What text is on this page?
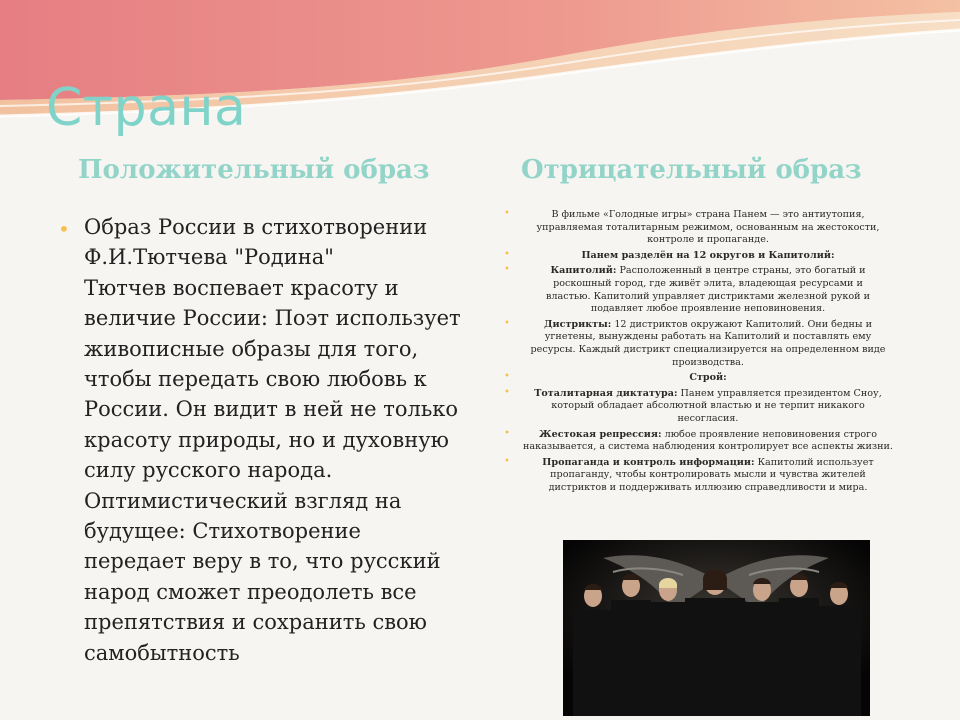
Страна
Положительный образ	Отрицательный образ
• Образ России в стихотворении
Ф.И.Тютчева "Родина"
Тютчев воспевает красоту и
величие России: Поэт использует
живописные образы для того,
чтобы передать свою любовь к
России. Он видит в ней не только
красоту природы, но и духовную
силу русского народа.
Оптимистический взгляд на
будущее: Стихотворение
передает веру в то, что русский
народ сможет преодолеть все
препятствия и сохранить свою
самобытность
•	В фильме «Голодные игры» страна Панем — это антиутопия,
управляемая тоталитарным режимом, основанным на жестокости,
контроле и пропаганде.
•	Панем разделён на 12 округов и Капитолий:
•	Капитолий: Расположенный в центре страны, это богатый и
роскошный город, где живёт элита, владеющая ресурсами и
властью. Капитолий управляет дистриктами железной рукой и
подавляет любое проявление неповиновения.
•	Дистрикты: 12 дистриктов окружают Капитолий. Они бедны и
угнетены, вынуждены работать на Капитолий и поставлять ему
ресурсы. Каждый дистрикт специализируется на определенном виде
производства.
•	Строй:
•	Тоталитарная диктатура: Панем управляется президентом Сноу,
который обладает абсолютной властью и не терпит никакого
несогласия.
•	Жестокая репрессия: любое проявление неповиновения строго
наказывается, а система наблюдения контролирует все аспекты жизни.
•	Пропаганда и контроль информации: Капитолий использует
пропаганду, чтобы контролировать мысли и чувства жителей
дистриктов и поддерживать иллюзию справедливости и мира.
